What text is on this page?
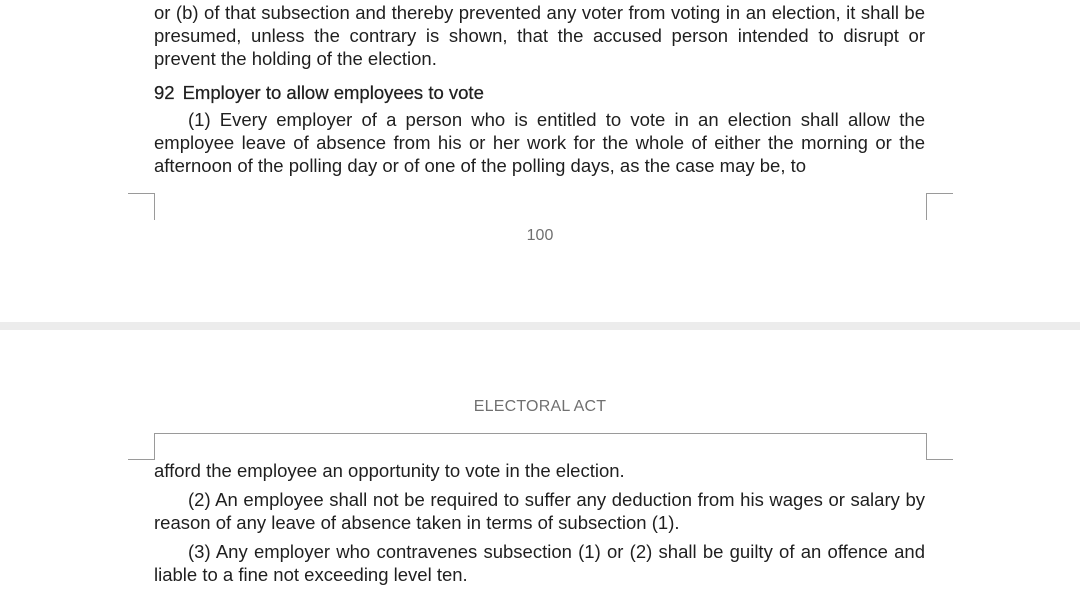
or (b) of that subsection and thereby prevented any voter from voting in an election, it shall be presumed, unless the contrary is shown, that the accused person intended to disrupt or prevent the holding of the election.

92 Employer to allow employees to vote

(1) Every employer of a person who is entitled to vote in an election shall allow the employee leave of absence from his or her work for the whole of either the morning or the afternoon of the polling day or of one of the polling days, as the case may be, to

100
ELECTORAL ACT

afford the employee an opportunity to vote in the election.

(2) An employee shall not be required to suffer any deduction from his wages or salary by reason of any leave of absence taken in terms of subsection (1).

(3) Any employer who contravenes subsection (1) or (2) shall be guilty of an offence and liable to a fine not exceeding level ten.
